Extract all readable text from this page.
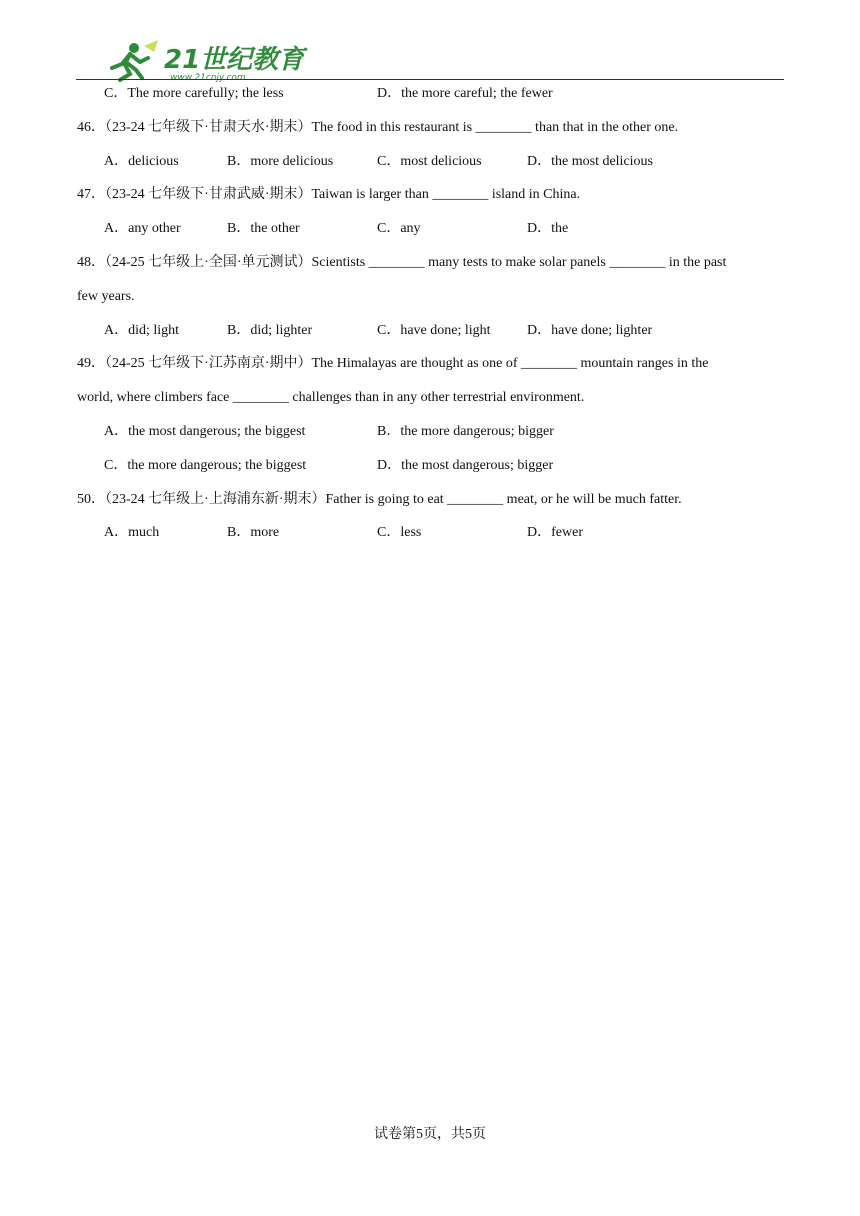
21世纪教育
www.21cnjy.com
C．The more carefully; the less	D．the more careful; the fewer
46．（23-24 七年级下·甘肃天水·期末）The food in this restaurant is ________ than that in the other one.
A．delicious	B．more delicious	C．most delicious	D．the most delicious
47．（23-24 七年级下·甘肃武威·期末）Taiwan is larger than ________ island in China.
A．any other	B．the other	C．any	D．the
48．（24-25 七年级上·全国·单元测试）Scientists ________ many tests to make solar panels ________ in the past
few years.
A．did; light	B．did; lighter	C．have done; light	D．have done; lighter
49．（24-25 七年级下·江苏南京·期中）The Himalayas are thought as one of ________ mountain ranges in the
world, where climbers face ________ challenges than in any other terrestrial environment.
A．the most dangerous; the biggest	B．the more dangerous; bigger
C．the more dangerous; the biggest	D．the most dangerous; bigger
50．（23-24 七年级上·上海浦东新·期末）Father is going to eat ________ meat, or he will be much fatter.
A．much	B．more	C．less	D．fewer
试卷第5页，共5页
